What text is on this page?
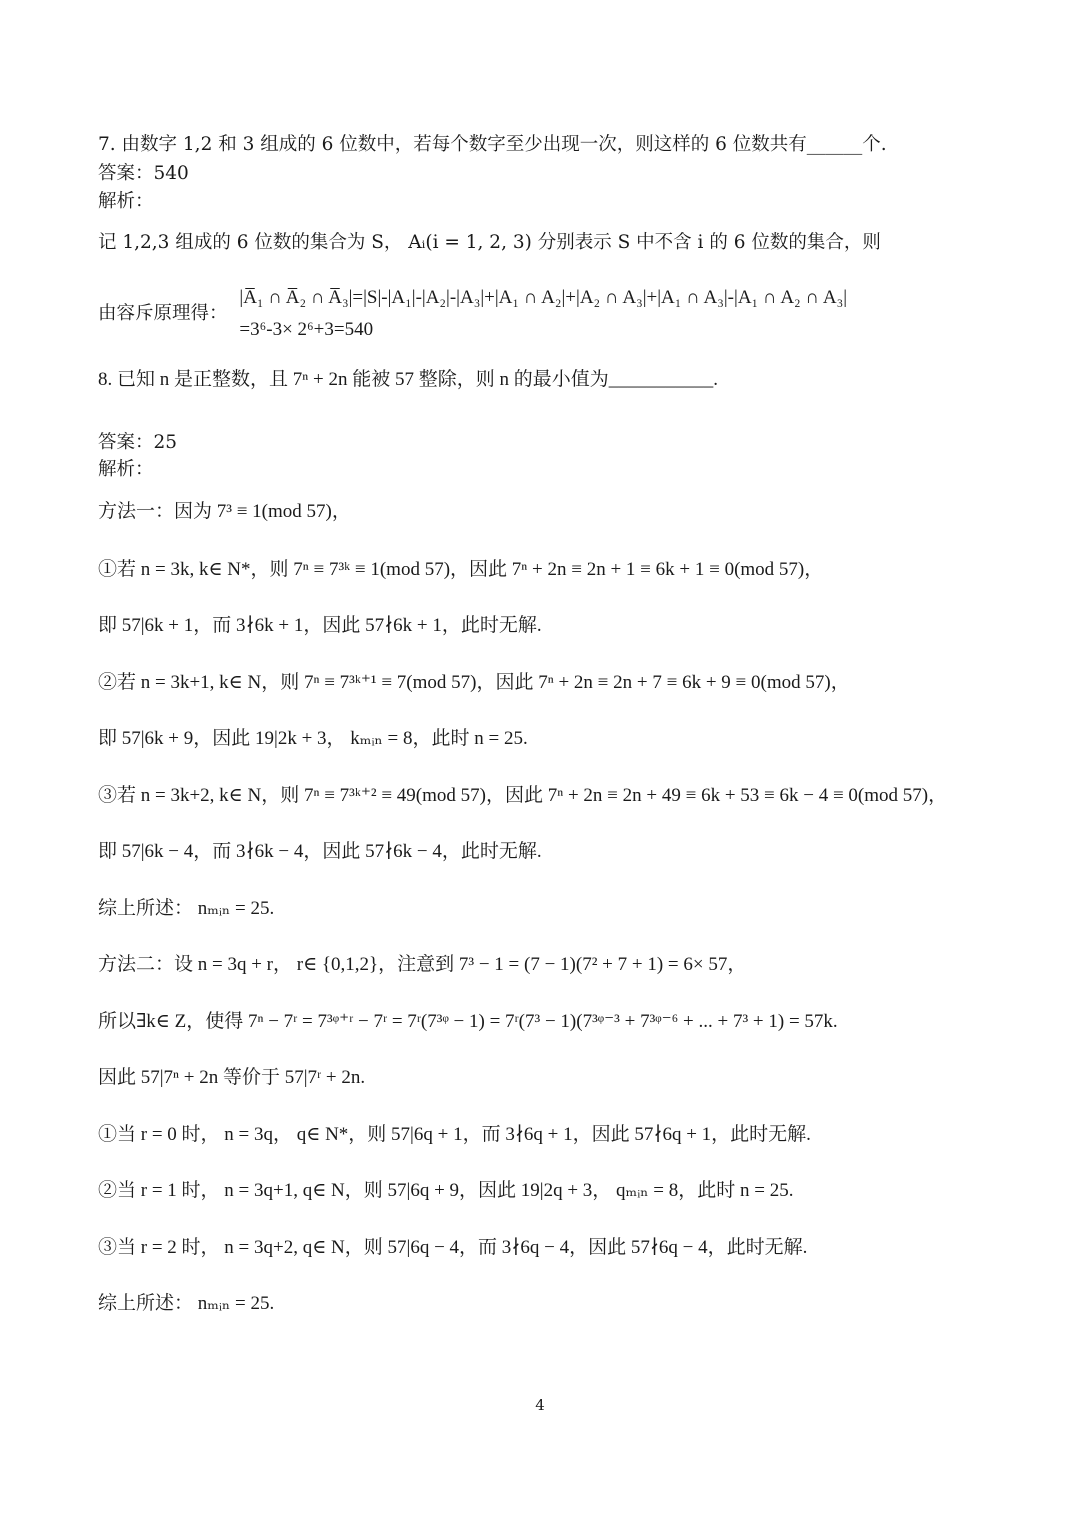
7. 由数字 1,2 和 3 组成的 6 位数中，若每个数字至少出现一次，则这样的 6 位数共有______个.
答案：540
解析：
记 1,2,3 组成的 6 位数的集合为 S， Aᵢ(i = 1, 2, 3) 分别表示 S 中不含 i 的 6 位数的集合，则
由容斥原理得：
|A̅₁ ∩ A̅₂ ∩ A̅₃|=|S|-|A₁|-|A₂|-|A₃|+|A₁ ∩ A₂|+|A₂ ∩ A₃|+|A₁ ∩ A₃|-|A₁ ∩ A₂ ∩ A₃|
=3⁶-3× 2⁶+3=540
8. 已知 n 是正整数，且 7ⁿ + 2n 能被 57 整除，则 n 的最小值为___________.
答案：25
解析：
方法一：因为 7³ ≡ 1(mod 57)，
①若 n = 3k, k∈ N*，则 7ⁿ ≡ 7³ᵏ ≡ 1(mod 57)，因此 7ⁿ + 2n ≡ 2n + 1 ≡ 6k + 1 ≡ 0(mod 57)，
即 57|6k + 1，而 3∤6k + 1，因此 57∤6k + 1，此时无解.
②若 n = 3k+1, k∈ N，则 7ⁿ ≡ 7³ᵏ⁺¹ ≡ 7(mod 57)，因此 7ⁿ + 2n ≡ 2n + 7 ≡ 6k + 9 ≡ 0(mod 57)，
即 57|6k + 9，因此 19|2k + 3， kₘᵢₙ = 8，此时 n = 25.
③若 n = 3k+2, k∈ N，则 7ⁿ ≡ 7³ᵏ⁺² ≡ 49(mod 57)，因此 7ⁿ + 2n ≡ 2n + 49 ≡ 6k + 53 ≡ 6k − 4 ≡ 0(mod 57)，
即 57|6k − 4，而 3∤6k − 4，因此 57∤6k − 4，此时无解.
综上所述： nₘᵢₙ = 25.
方法二：设 n = 3q + r， r∈ {0,1,2}，注意到 7³ − 1 = (7 − 1)(7² + 7 + 1) = 6× 57，
所以∃k∈ Z，使得 7ⁿ − 7ʳ = 7³ᵠ⁺ʳ − 7ʳ = 7ʳ(7³ᵠ − 1) = 7ʳ(7³ − 1)(7³ᵠ⁻³ + 7³ᵠ⁻⁶ + ... + 7³ + 1) = 57k.
因此 57|7ⁿ + 2n 等价于 57|7ʳ + 2n.
①当 r = 0 时， n = 3q， q∈ N*，则 57|6q + 1，而 3∤6q + 1，因此 57∤6q + 1，此时无解.
②当 r = 1 时， n = 3q+1, q∈ N，则 57|6q + 9，因此 19|2q + 3， qₘᵢₙ = 8，此时 n = 25.
③当 r = 2 时， n = 3q+2, q∈ N，则 57|6q − 4，而 3∤6q − 4，因此 57∤6q − 4，此时无解.
综上所述： nₘᵢₙ = 25.
4
